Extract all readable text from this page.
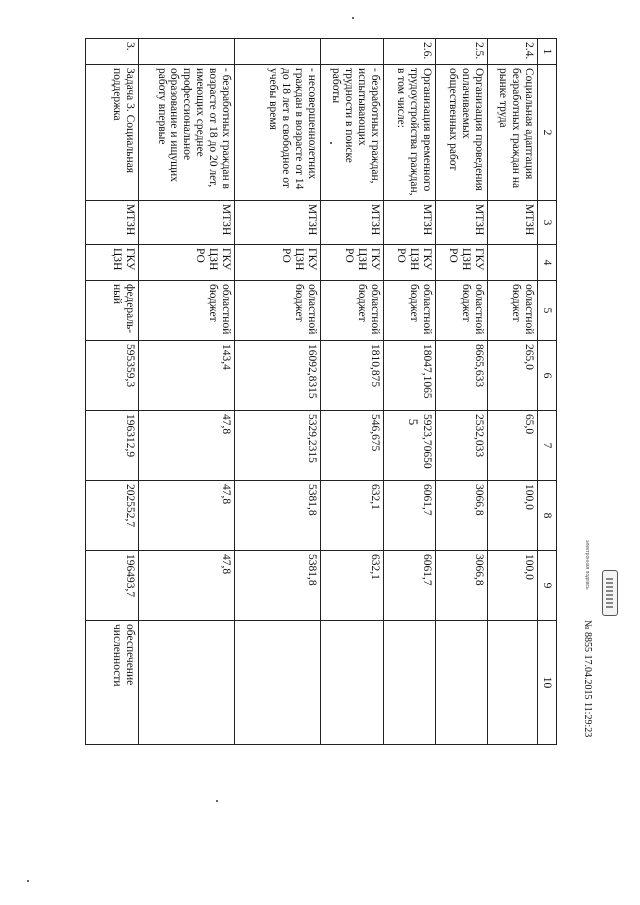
5
1	2	3	4	5	6	7	8	9	10
2.4.	Социальная адаптация безработных граждан на рынке труда	МТЗН		областной бюджет	265,0	65,0	100,0	100,0	
2.5.	Организация проведения оплачиваемых общественных работ	МТЗН	ГКУ ЦЗН РО	областной бюджет	8665,633	2532,033	3066,8	3066,8	
2.6.	Организация временного трудоустройства граждан, в том числе:	МТЗН	ГКУ ЦЗН РО	областной бюджет	18047,1065	5923,70650	6061,7	6061,7	
	- безработных граждан, испытывающих трудности в поиске работы	МТЗН	ГКУ ЦЗН РО	областной бюджет	1810,875	546,675	632,1	632,1	
	- несовершеннолетних граждан в возрасте от 14 до 18 лет в свободное от учебы время	МТЗН	ГКУ ЦЗН РО	областной бюджет	16092,8315	5329,2315	5381,8	5381,8	
	- безработных граждан в возрасте от 18 до 20 лет, имеющих среднее профессиональное образование и ищущих работу впервые	МТЗН	ГКУ ЦЗН РО	областной бюджет	143,4	47,8	47,8	47,8	
3.	Задача 3. Социальная поддержка	МТЗН	ГКУ ЦЗН	федераль-ный	595359,3	196312,9	202552,7	196493,7	обеспечение численности
электронная подпись
№ 8855 17.04.2015 11:29:23
